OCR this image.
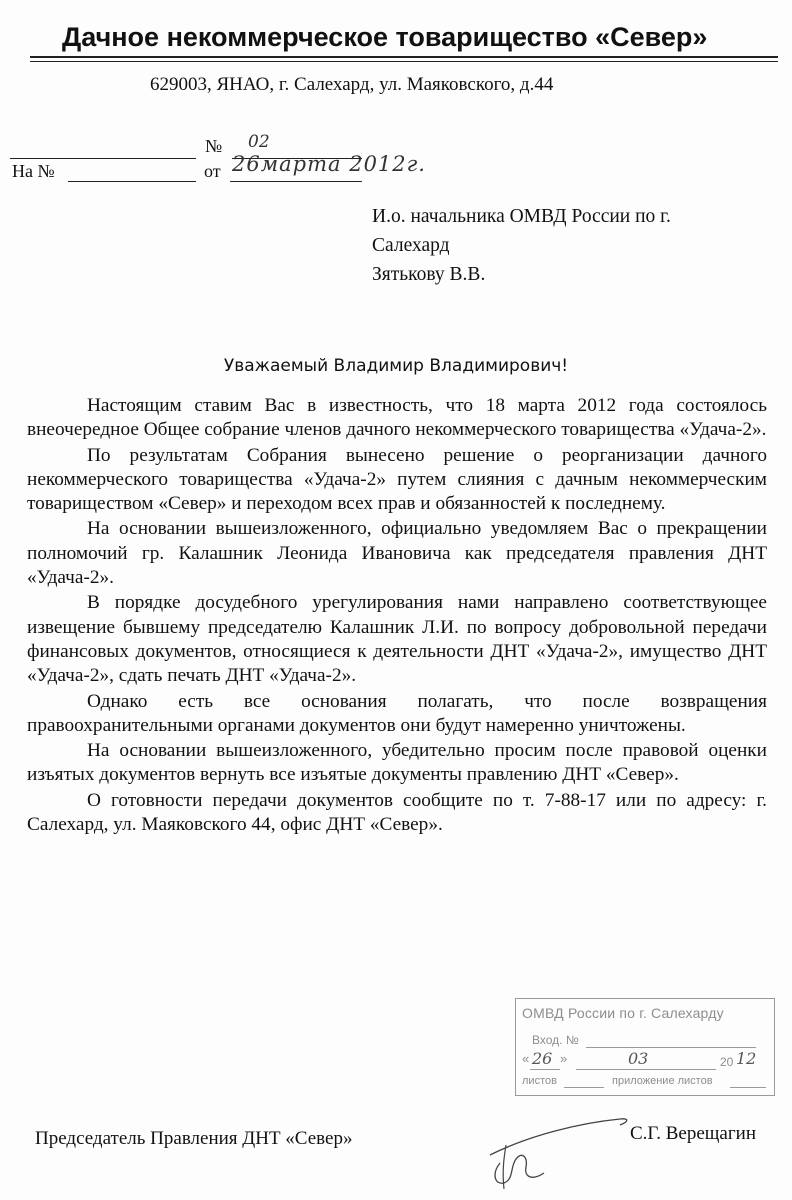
Дачное некоммерческое товарищество «Север»
629003, ЯНАО, г. Салехард, ул. Маяковского, д.44
№ 02
На №	от 26марта 2012г.
И.о. начальника ОМВД России по г.
Салехард
Зятькову В.В.
Уважаемый Владимир Владимирович!

Настоящим ставим Вас в известность, что 18 марта 2012 года состоялось внеочередное Общее собрание членов дачного некоммерческого товарищества «Удача-2».

По результатам Собрания вынесено решение о реорганизации дачного некоммерческого товарищества «Удача-2» путем слияния с дачным некоммерческим товариществом «Север» и переходом всех прав и обязанностей к последнему.

На основании вышеизложенного, официально уведомляем Вас о прекращении полномочий гр. Калашник Леонида Ивановича как председателя правления ДНТ «Удача-2».

В порядке досудебного урегулирования нами направлено соответствующее извещение бывшему председателю Калашник Л.И. по вопросу добровольной передачи финансовых документов, относящиеся к деятельности ДНТ «Удача-2», имущество ДНТ «Удача-2», сдать печать ДНТ «Удача-2».

Однако есть все основания полагать, что после возвращения правоохранительными органами документов они будут намеренно уничтожены.

На основании вышеизложенного, убедительно просим после правовой оценки изъятых документов вернуть все изъятые документы правлению ДНТ «Север».

О готовности передачи документов сообщите по т. 7-88-17 или по адресу: г. Салехард, ул. Маяковского 44, офис ДНТ «Север».

ОМВД России по г. Салехарду
Вход. №
« 26 »	03	20 12
листов	приложение листов
Председатель Правления ДНТ «Север»	С.Г. Верещагин
